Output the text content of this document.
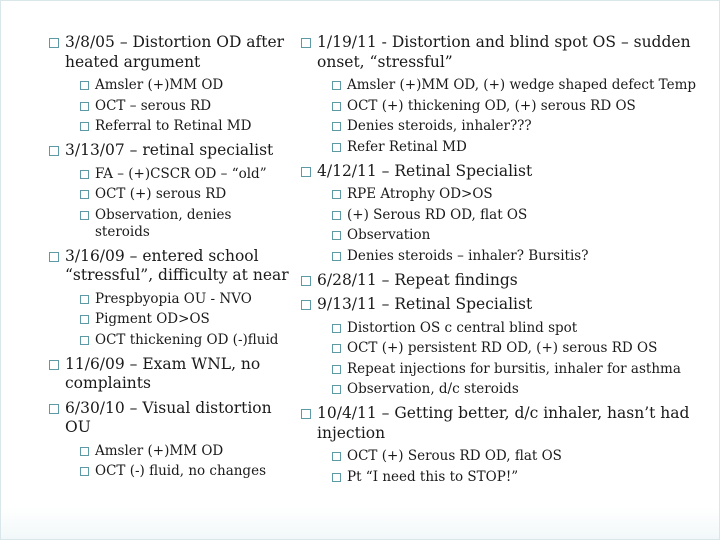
3/8/05 – Distortion OD after heated argument
Amsler (+)MM OD
OCT – serous RD
Referral to Retinal MD
3/13/07 – retinal specialist
FA – (+)CSCR OD – “old”
OCT (+) serous RD
Observation, denies steroids
3/16/09 – entered school “stressful”, difficulty at near
Prespbyopia OU - NVO
Pigment OD>OS
OCT thickening OD (-)fluid
11/6/09 – Exam WNL, no complaints
6/30/10 – Visual distortion OU
Amsler (+)MM OD
OCT (-) fluid, no changes
1/19/11 - Distortion and blind spot OS – sudden onset, “stressful”
Amsler (+)MM OD, (+) wedge shaped defect Temp
OCT (+) thickening OD, (+) serous RD OS
Denies steroids, inhaler???
Refer Retinal MD
4/12/11 – Retinal Specialist
RPE Atrophy OD>OS
(+) Serous RD OD, flat OS
Observation
Denies steroids – inhaler? Bursitis?
6/28/11 – Repeat findings
9/13/11 – Retinal Specialist
Distortion OS c central blind spot
OCT (+) persistent RD OD, (+) serous RD OS
Repeat injections for bursitis, inhaler for asthma
Observation, d/c steroids
10/4/11 – Getting better, d/c inhaler, hasn’t had injection
OCT (+) Serous RD OD, flat OS
Pt “I need this to STOP!”
